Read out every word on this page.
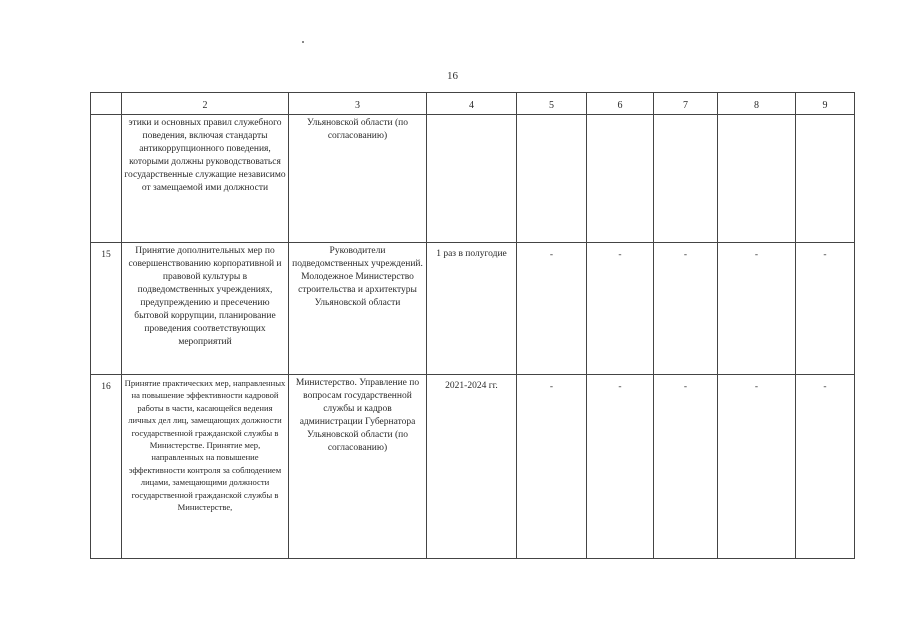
16
	2	3	4	5	6	7	8	9
	этики и основных правил служебного поведения, включая стандарты антикоррупционного поведения, которыми должны руководствоваться государственные служащие независимо от замещаемой ими должности	Ульяновской области (по согласованию)						
15	Принятие дополнительных мер по совершенствованию корпоративной и правовой культуры в подведомственных учреждениях, предупреждению и пресечению бытовой коррупции, планирование проведения соответствующих мероприятий	Руководители подведомственных учреждений. Молодежное Министерство строительства и архитектуры Ульяновской области	1 раз в полугодие	-	-	-	-	-
16	Принятие практических мер, направленных на повышение эффективности кадровой работы в части, касающейся ведения личных дел лиц, замещающих должности государственной гражданской службы в Министерстве. Принятие мер, направленных на повышение эффективности контроля за соблюдением лицами, замещающими должности государственной гражданской службы в Министерстве,	Министерство. Управление по вопросам государственной службы и кадров администрации Губернатора Ульяновской области (по согласованию)	2021-2024 гг.	-	-	-	-	-
